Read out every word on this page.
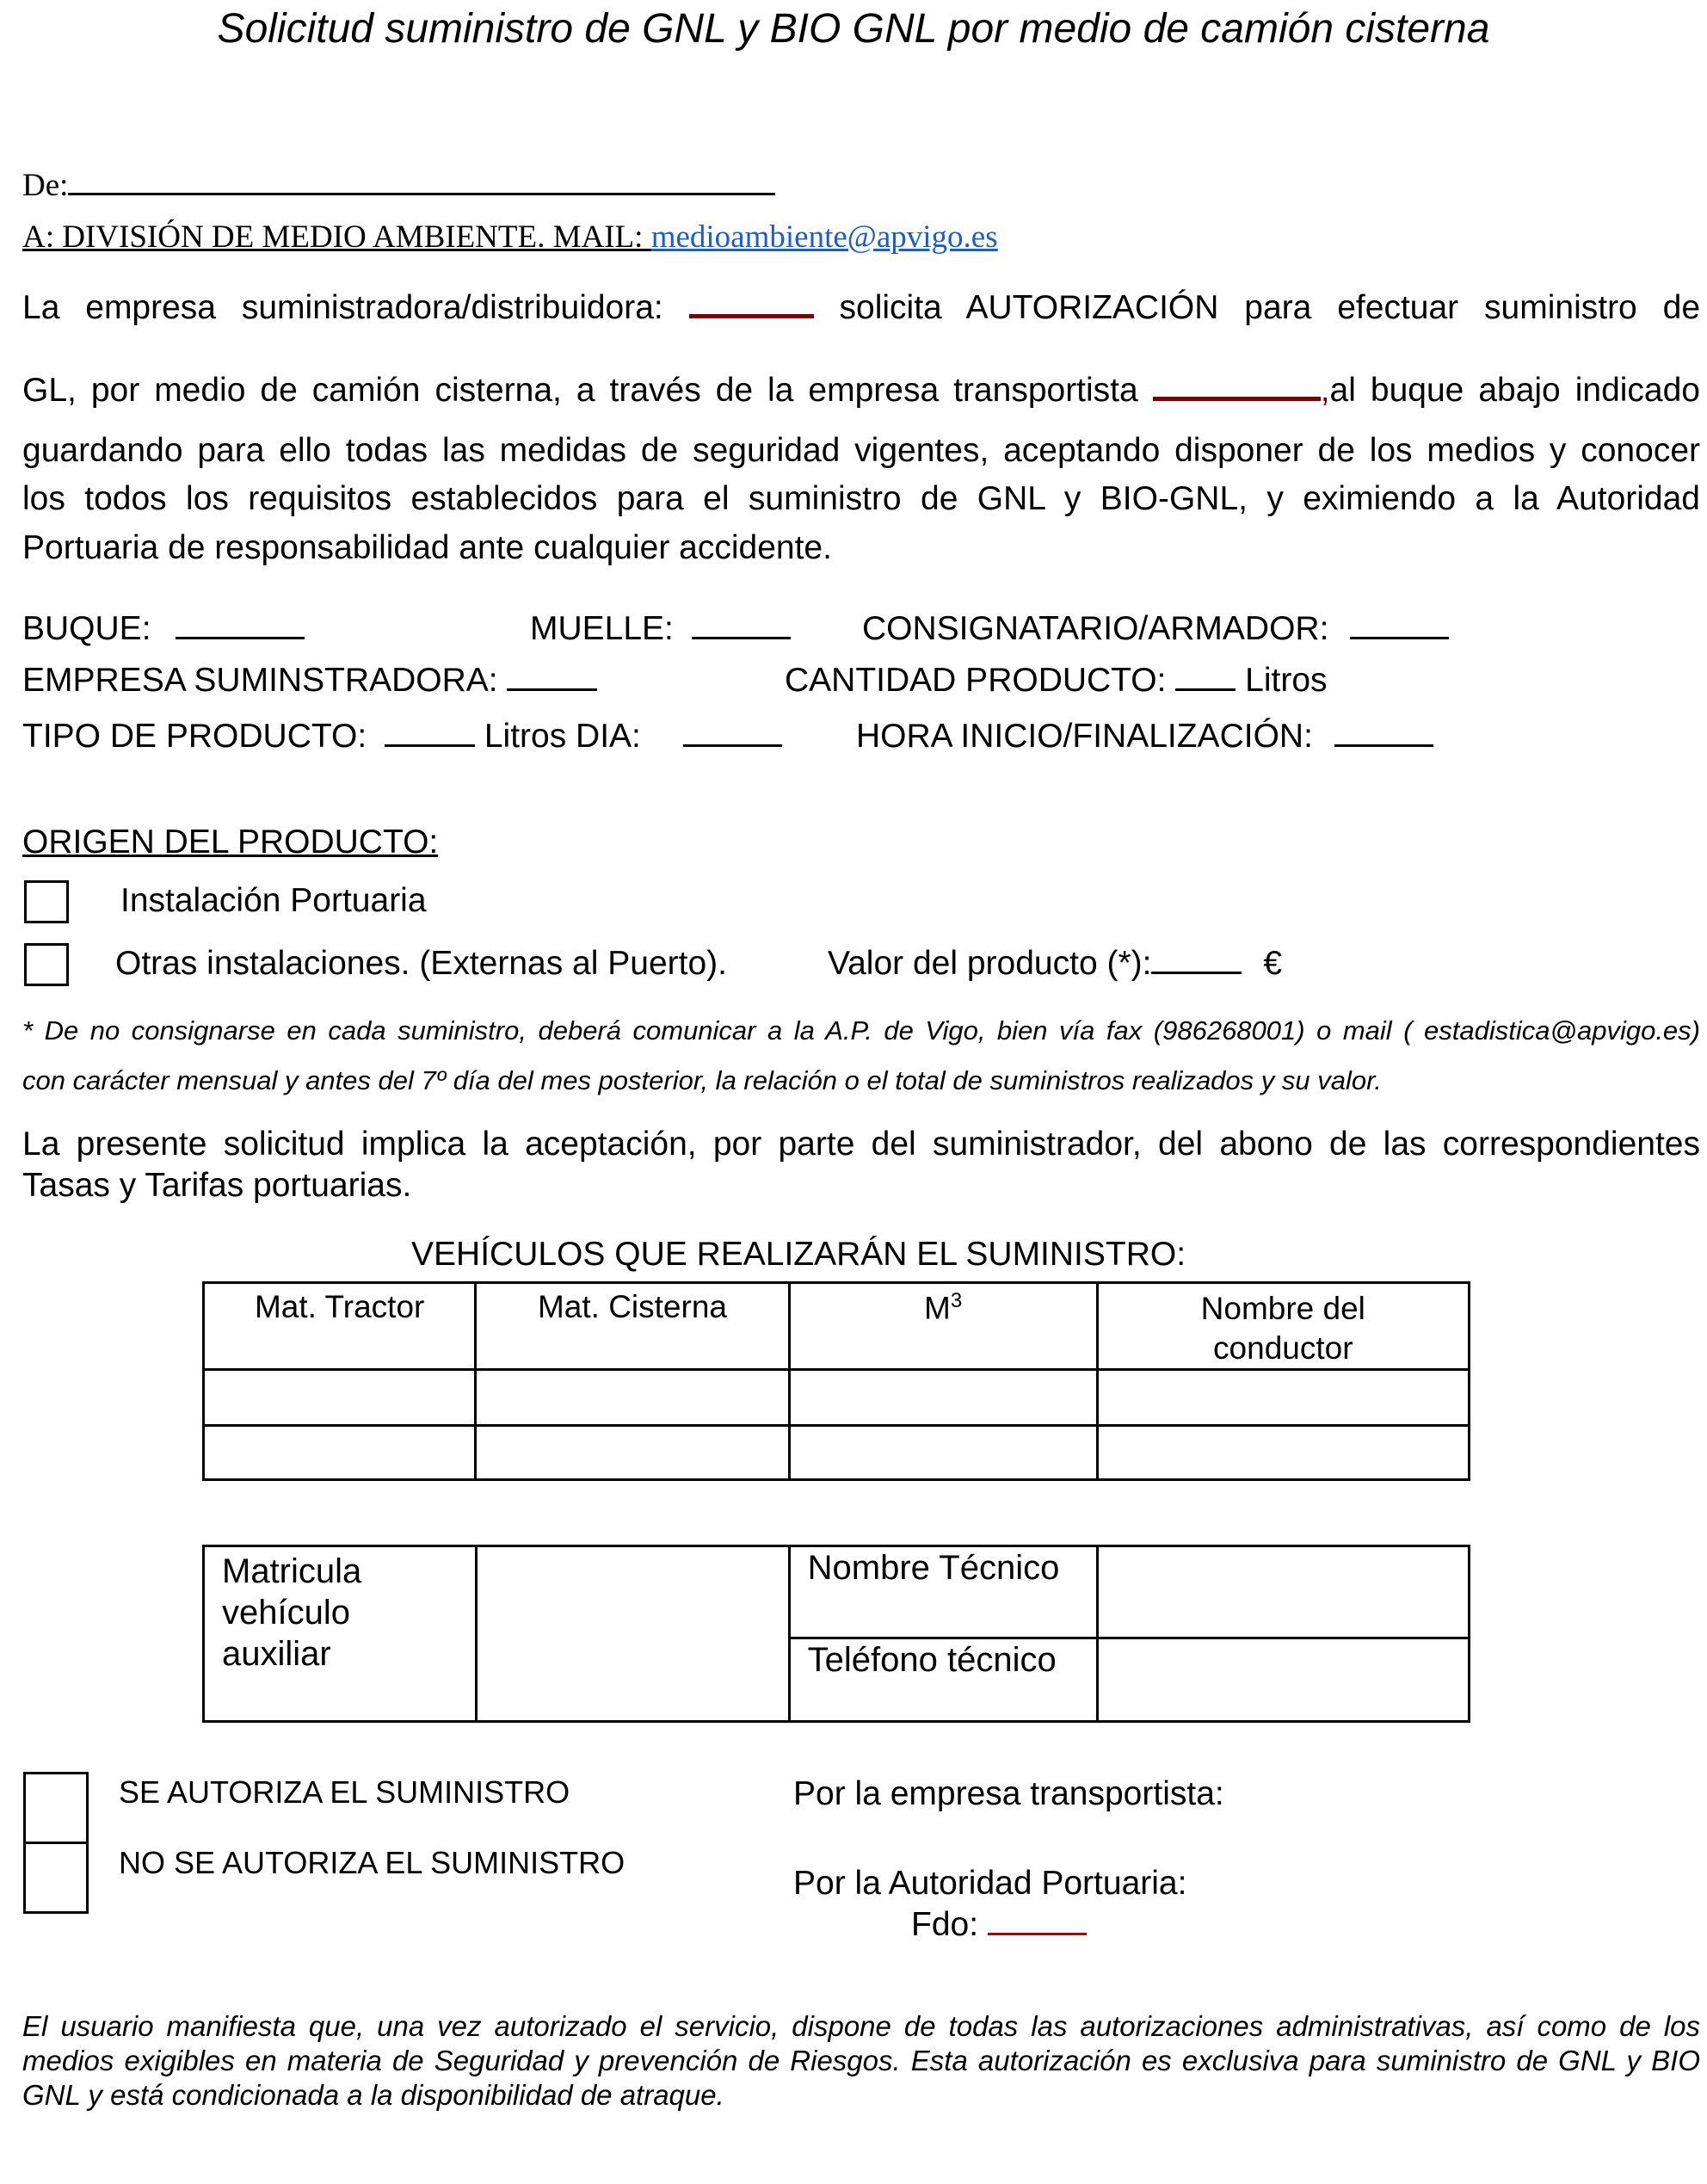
Solicitud suministro de GNL y BIO GNL por medio de camión cisterna
De:
A: DIVISIÓN DE MEDIO AMBIENTE. MAIL: medioambiente@apvigo.es
La empresa suministradora/distribuidora:	solicita AUTORIZACIÓN para efectuar suministro de
GL, por medio de camión cisterna, a través de la empresa transportista	,al buque abajo indicado
guardando para ello todas las medidas de seguridad vigentes, aceptando disponer de los medios y conocer
los todos los requisitos establecidos para el suministro de GNL y BIO-GNL, y eximiendo a la Autoridad
Portuaria de responsabilidad ante cualquier accidente.
BUQUE:	MUELLE:	CONSIGNATARIO/ARMADOR:
EMPRESA SUMINSTRADORA:	CANTIDAD PRODUCTO: Litros
TIPO DE PRODUCTO:	Litros DIA:	HORA INICIO/FINALIZACIÓN:
ORIGEN DEL PRODUCTO:
Instalación Portuaria
Otras instalaciones. (Externas al Puerto).	Valor del producto (*):	€
* De no consignarse en cada suministro, deberá comunicar a la A.P. de Vigo, bien vía fax (986268001) o mail ( estadistica@apvigo.es)
con carácter mensual y antes del 7º día del mes posterior, la relación o el total de suministros realizados y su valor.
La presente solicitud implica la aceptación, por parte del suministrador, del abono de las correspondientes
Tasas y Tarifas portuarias.
VEHÍCULOS QUE REALIZARÁN EL SUMINISTRO:
Mat. Tractor	Mat. Cisterna	$M^3$	Nombre del conductor

Matricula vehículo auxiliar		Nombre Técnico	
		Teléfono técnico	
SE AUTORIZA EL SUMINISTRO
NO SE AUTORIZA EL SUMINISTRO
Por la empresa transportista:
Por la Autoridad Portuaria:
Fdo:
El usuario manifiesta que, una vez autorizado el servicio, dispone de todas las autorizaciones administrativas, así como de los medios exigibles en materia de Seguridad y prevención de Riesgos. Esta autorización es exclusiva para suministro de GNL y BIO GNL y está condicionada a la disponibilidad de atraque.
